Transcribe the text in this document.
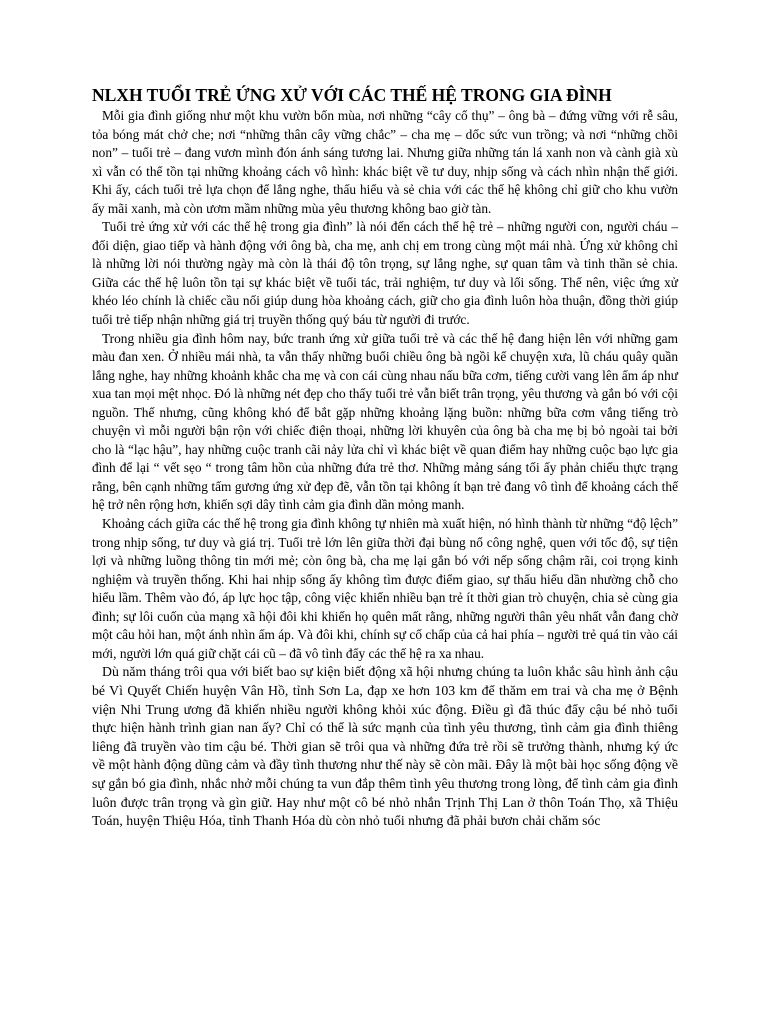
NLXH TUỔI TRẺ ỨNG XỬ VỚI CÁC THẾ HỆ TRONG GIA ĐÌNH

Mỗi gia đình giống như một khu vườn bốn mùa, nơi những “cây cổ thụ” – ông bà – đứng vững với rễ sâu, tỏa bóng mát chở che; nơi “những thân cây vững chắc” – cha mẹ – dốc sức vun trồng; và nơi “những chồi non” – tuổi trẻ – đang vươn mình đón ánh sáng tương lai. Nhưng giữa những tán lá xanh non và cành già xù xì vẫn có thể tồn tại những khoảng cách vô hình: khác biệt về tư duy, nhịp sống và cách nhìn nhận thế giới. Khi ấy, cách tuổi trẻ lựa chọn để lắng nghe, thấu hiểu và sẻ chia với các thế hệ không chỉ giữ cho khu vườn ấy mãi xanh, mà còn ươm mầm những mùa yêu thương không bao giờ tàn.

Tuổi trẻ ứng xử với các thế hệ trong gia đình” là nói đến cách thế hệ trẻ – những người con, người cháu – đối diện, giao tiếp và hành động với ông bà, cha mẹ, anh chị em trong cùng một mái nhà. Ứng xử không chỉ là những lời nói thường ngày mà còn là thái độ tôn trọng, sự lắng nghe, sự quan tâm và tinh thần sẻ chia. Giữa các thế hệ luôn tồn tại sự khác biệt về tuổi tác, trải nghiệm, tư duy và lối sống. Thế nên, việc ứng xử khéo léo chính là chiếc cầu nối giúp dung hòa khoảng cách, giữ cho gia đình luôn hòa thuận, đồng thời giúp tuổi trẻ tiếp nhận những giá trị truyền thống quý báu từ người đi trước.

Trong nhiều gia đình hôm nay, bức tranh ứng xử giữa tuổi trẻ và các thế hệ đang hiện lên với những gam màu đan xen. Ở nhiều mái nhà, ta vẫn thấy những buổi chiều ông bà ngồi kể chuyện xưa, lũ cháu quây quần lắng nghe, hay những khoảnh khắc cha mẹ và con cái cùng nhau nấu bữa cơm, tiếng cười vang lên ấm áp như xua tan mọi mệt nhọc. Đó là những nét đẹp cho thấy tuổi trẻ vẫn biết trân trọng, yêu thương và gắn bó với cội nguồn. Thế nhưng, cũng không khó để bắt gặp những khoảng lặng buồn: những bữa cơm vắng tiếng trò chuyện vì mỗi người bận rộn với chiếc điện thoại, những lời khuyên của ông bà cha mẹ bị bỏ ngoài tai bởi cho là “lạc hậu”, hay những cuộc tranh cãi nảy lửa chỉ vì khác biệt về quan điểm hay những cuộc bạo lực gia đình để lại “ vết sẹo “ trong tâm hồn của những đứa trẻ thơ. Những mảng sáng tối ấy phản chiếu thực trạng rằng, bên cạnh những tấm gương ứng xử đẹp đẽ, vẫn tồn tại không ít bạn trẻ đang vô tình để khoảng cách thế hệ trở nên rộng hơn, khiến sợi dây tình cảm gia đình dần mỏng manh.

Khoảng cách giữa các thế hệ trong gia đình không tự nhiên mà xuất hiện, nó hình thành từ những “độ lệch” trong nhịp sống, tư duy và giá trị. Tuổi trẻ lớn lên giữa thời đại bùng nổ công nghệ, quen với tốc độ, sự tiện lợi và những luồng thông tin mới mẻ; còn ông bà, cha mẹ lại gắn bó với nếp sống chậm rãi, coi trọng kinh nghiệm và truyền thống. Khi hai nhịp sống ấy không tìm được điểm giao, sự thấu hiểu dần nhường chỗ cho hiểu lầm. Thêm vào đó, áp lực học tập, công việc khiến nhiều bạn trẻ ít thời gian trò chuyện, chia sẻ cùng gia đình; sự lôi cuốn của mạng xã hội đôi khi khiến họ quên mất rằng, những người thân yêu nhất vẫn đang chờ một câu hỏi han, một ánh nhìn ấm áp. Và đôi khi, chính sự cố chấp của cả hai phía – người trẻ quá tin vào cái mới, người lớn quá giữ chặt cái cũ – đã vô tình đẩy các thế hệ ra xa nhau.

Dù năm tháng trôi qua với biết bao sự kiện biết động xã hội nhưng chúng ta luôn khắc sâu hình ảnh cậu bé Vì Quyết Chiến huyện Vân Hồ, tỉnh Sơn La, đạp xe hơn 103 km để thăm em trai và cha mẹ ở Bệnh viện Nhi Trung ương đã khiến nhiều người không khỏi xúc động. Điều gì đã thúc đẩy cậu bé nhỏ tuổi thực hiện hành trình gian nan ấy? Chỉ có thể là sức mạnh của tình yêu thương, tình cảm gia đình thiêng liêng đã truyền vào tim cậu bé. Thời gian sẽ trôi qua và những đứa trẻ rồi sẽ trưởng thành, nhưng ký ức về một hành động dũng cảm và đầy tình thương như thế này sẽ còn mãi. Đây là một bài học sống động về sự gắn bó gia đình, nhắc nhở mỗi chúng ta vun đắp thêm tình yêu thương trong lòng, để tình cảm gia đình luôn được trân trọng và gìn giữ. Hay như một cô bé nhỏ nhắn Trịnh Thị Lan ở thôn Toán Thọ, xã Thiệu Toán, huyện Thiệu Hóa, tỉnh Thanh Hóa dù còn nhỏ tuổi nhưng đã phải bươn chải chăm sóc
